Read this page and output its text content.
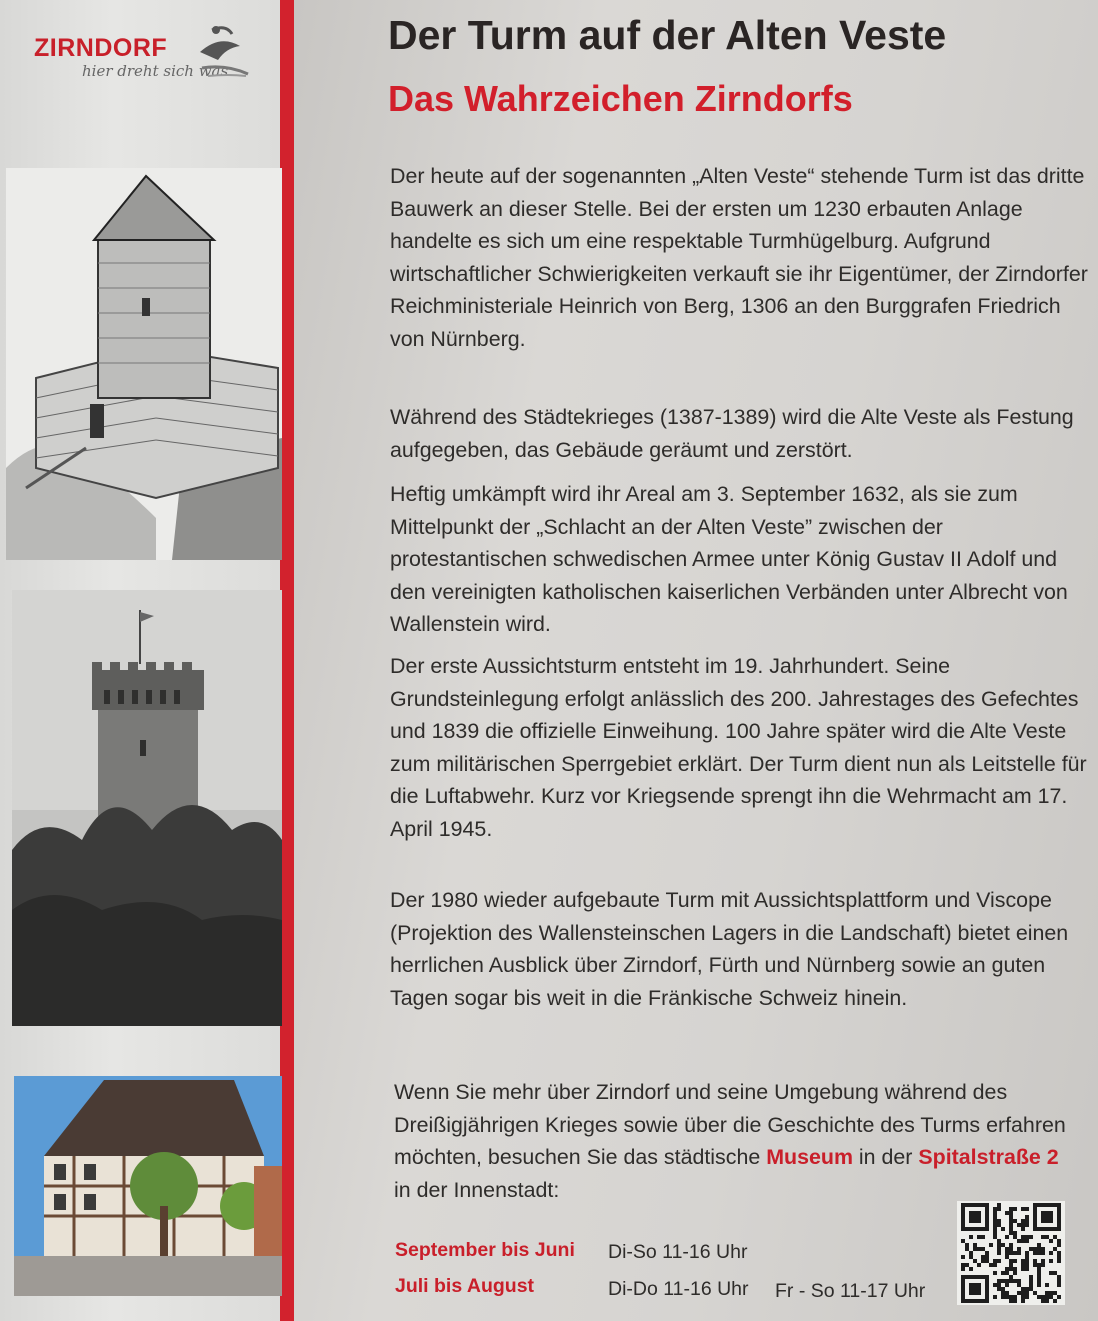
ZIRNDORF
hier dreht sich was
Der Turm auf der Alten Veste
Das Wahrzeichen Zirndorfs

Der heute auf der sogenannten „Alten Veste“ stehende Turm ist das dritte Bauwerk an dieser Stelle. Bei der ersten um 1230 erbauten Anlage handelte es sich um eine respektable Turmhügelburg. Aufgrund wirtschaftlicher Schwierigkeiten verkauft sie ihr Eigentümer, der Zirndorfer Reichministeriale Heinrich von Berg, 1306 an den Burggrafen Friedrich von Nürnberg.

Während des Städtekrieges (1387-1389) wird die Alte Veste als Festung aufgegeben, das Gebäude geräumt und zerstört.

Heftig umkämpft wird ihr Areal am 3. September 1632, als sie zum Mittelpunkt der „Schlacht an der Alten Veste” zwischen der protestantischen schwedischen Armee unter König Gustav II Adolf und den vereinigten katholischen kaiserlichen Verbänden unter Albrecht von Wallenstein wird.

Der erste Aussichtsturm entsteht im 19. Jahrhundert. Seine Grundsteinlegung erfolgt anlässlich des 200. Jahrestages des Gefechtes und 1839 die offizielle Einweihung. 100 Jahre später wird die Alte Veste zum militärischen Sperrgebiet erklärt. Der Turm dient nun als Leitstelle für die Luftabwehr. Kurz vor Kriegsende sprengt ihn die Wehrmacht am 17. April 1945.

Der 1980 wieder aufgebaute Turm mit Aussichtsplattform und Viscope (Projektion des Wallensteinschen Lagers in die Landschaft) bietet einen herrlichen Ausblick über Zirndorf, Fürth und Nürnberg sowie an guten Tagen sogar bis weit in die Fränkische Schweiz hinein.

Wenn Sie mehr über Zirndorf und seine Umgebung während des Dreißigjährigen Krieges sowie über die Geschichte des Turms erfahren möchten, besuchen Sie das städtische Museum in der Spitalstraße 2 in der Innenstadt:

September bis Juni Di-So 11-16 Uhr
Juli bis August	Di-Do 11-16 Uhr Fr - So 11-17 Uhr
